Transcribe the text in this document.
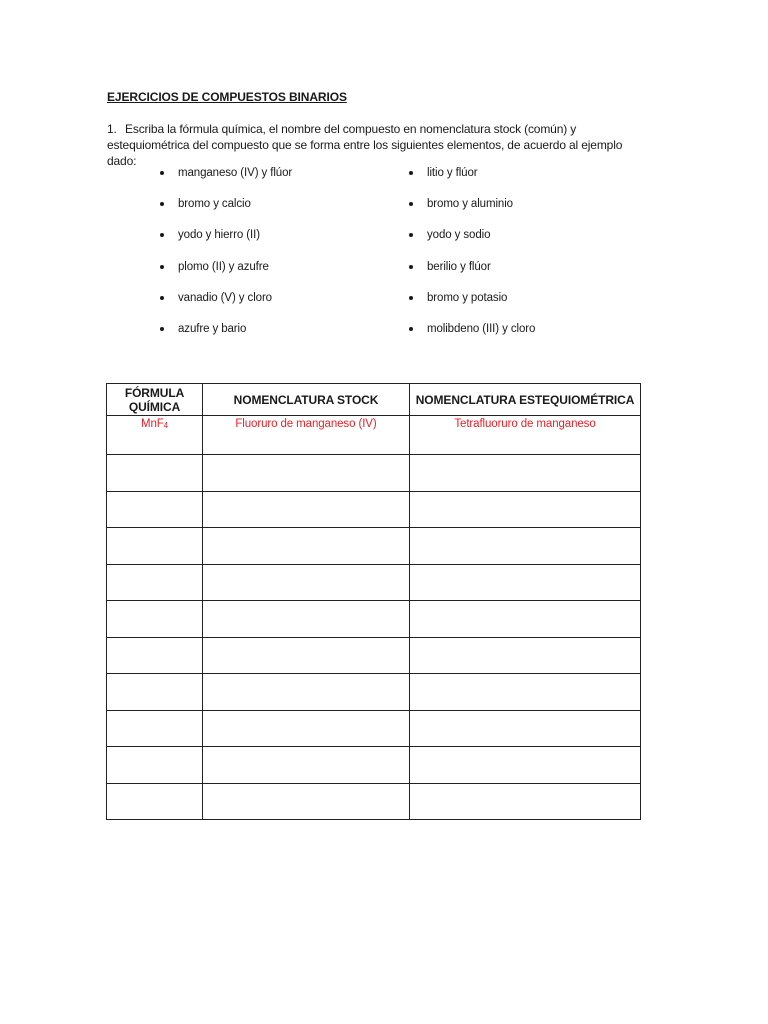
EJERCICIOS DE COMPUESTOS BINARIOS
1. Escriba la fórmula química, el nombre del compuesto en nomenclatura stock (común) y estequiométrica del compuesto que se forma entre los siguientes elementos, de acuerdo al ejemplo dado:
manganeso (IV) y flúor
bromo y calcio
yodo y hierro (II)
plomo (II) y azufre
vanadio (V) y cloro
azufre y bario
litio y flúor
bromo y aluminio
yodo y sodio
berilio y flúor
bromo y potasio
molibdeno (III) y cloro
FÓRMULA
QUÍMICA	NOMENCLATURA STOCK	NOMENCLATURA ESTEQUIOMÉTRICA
MnF$_4$	Fluoruro de manganeso (IV)	Tetrafluoruro de manganeso
